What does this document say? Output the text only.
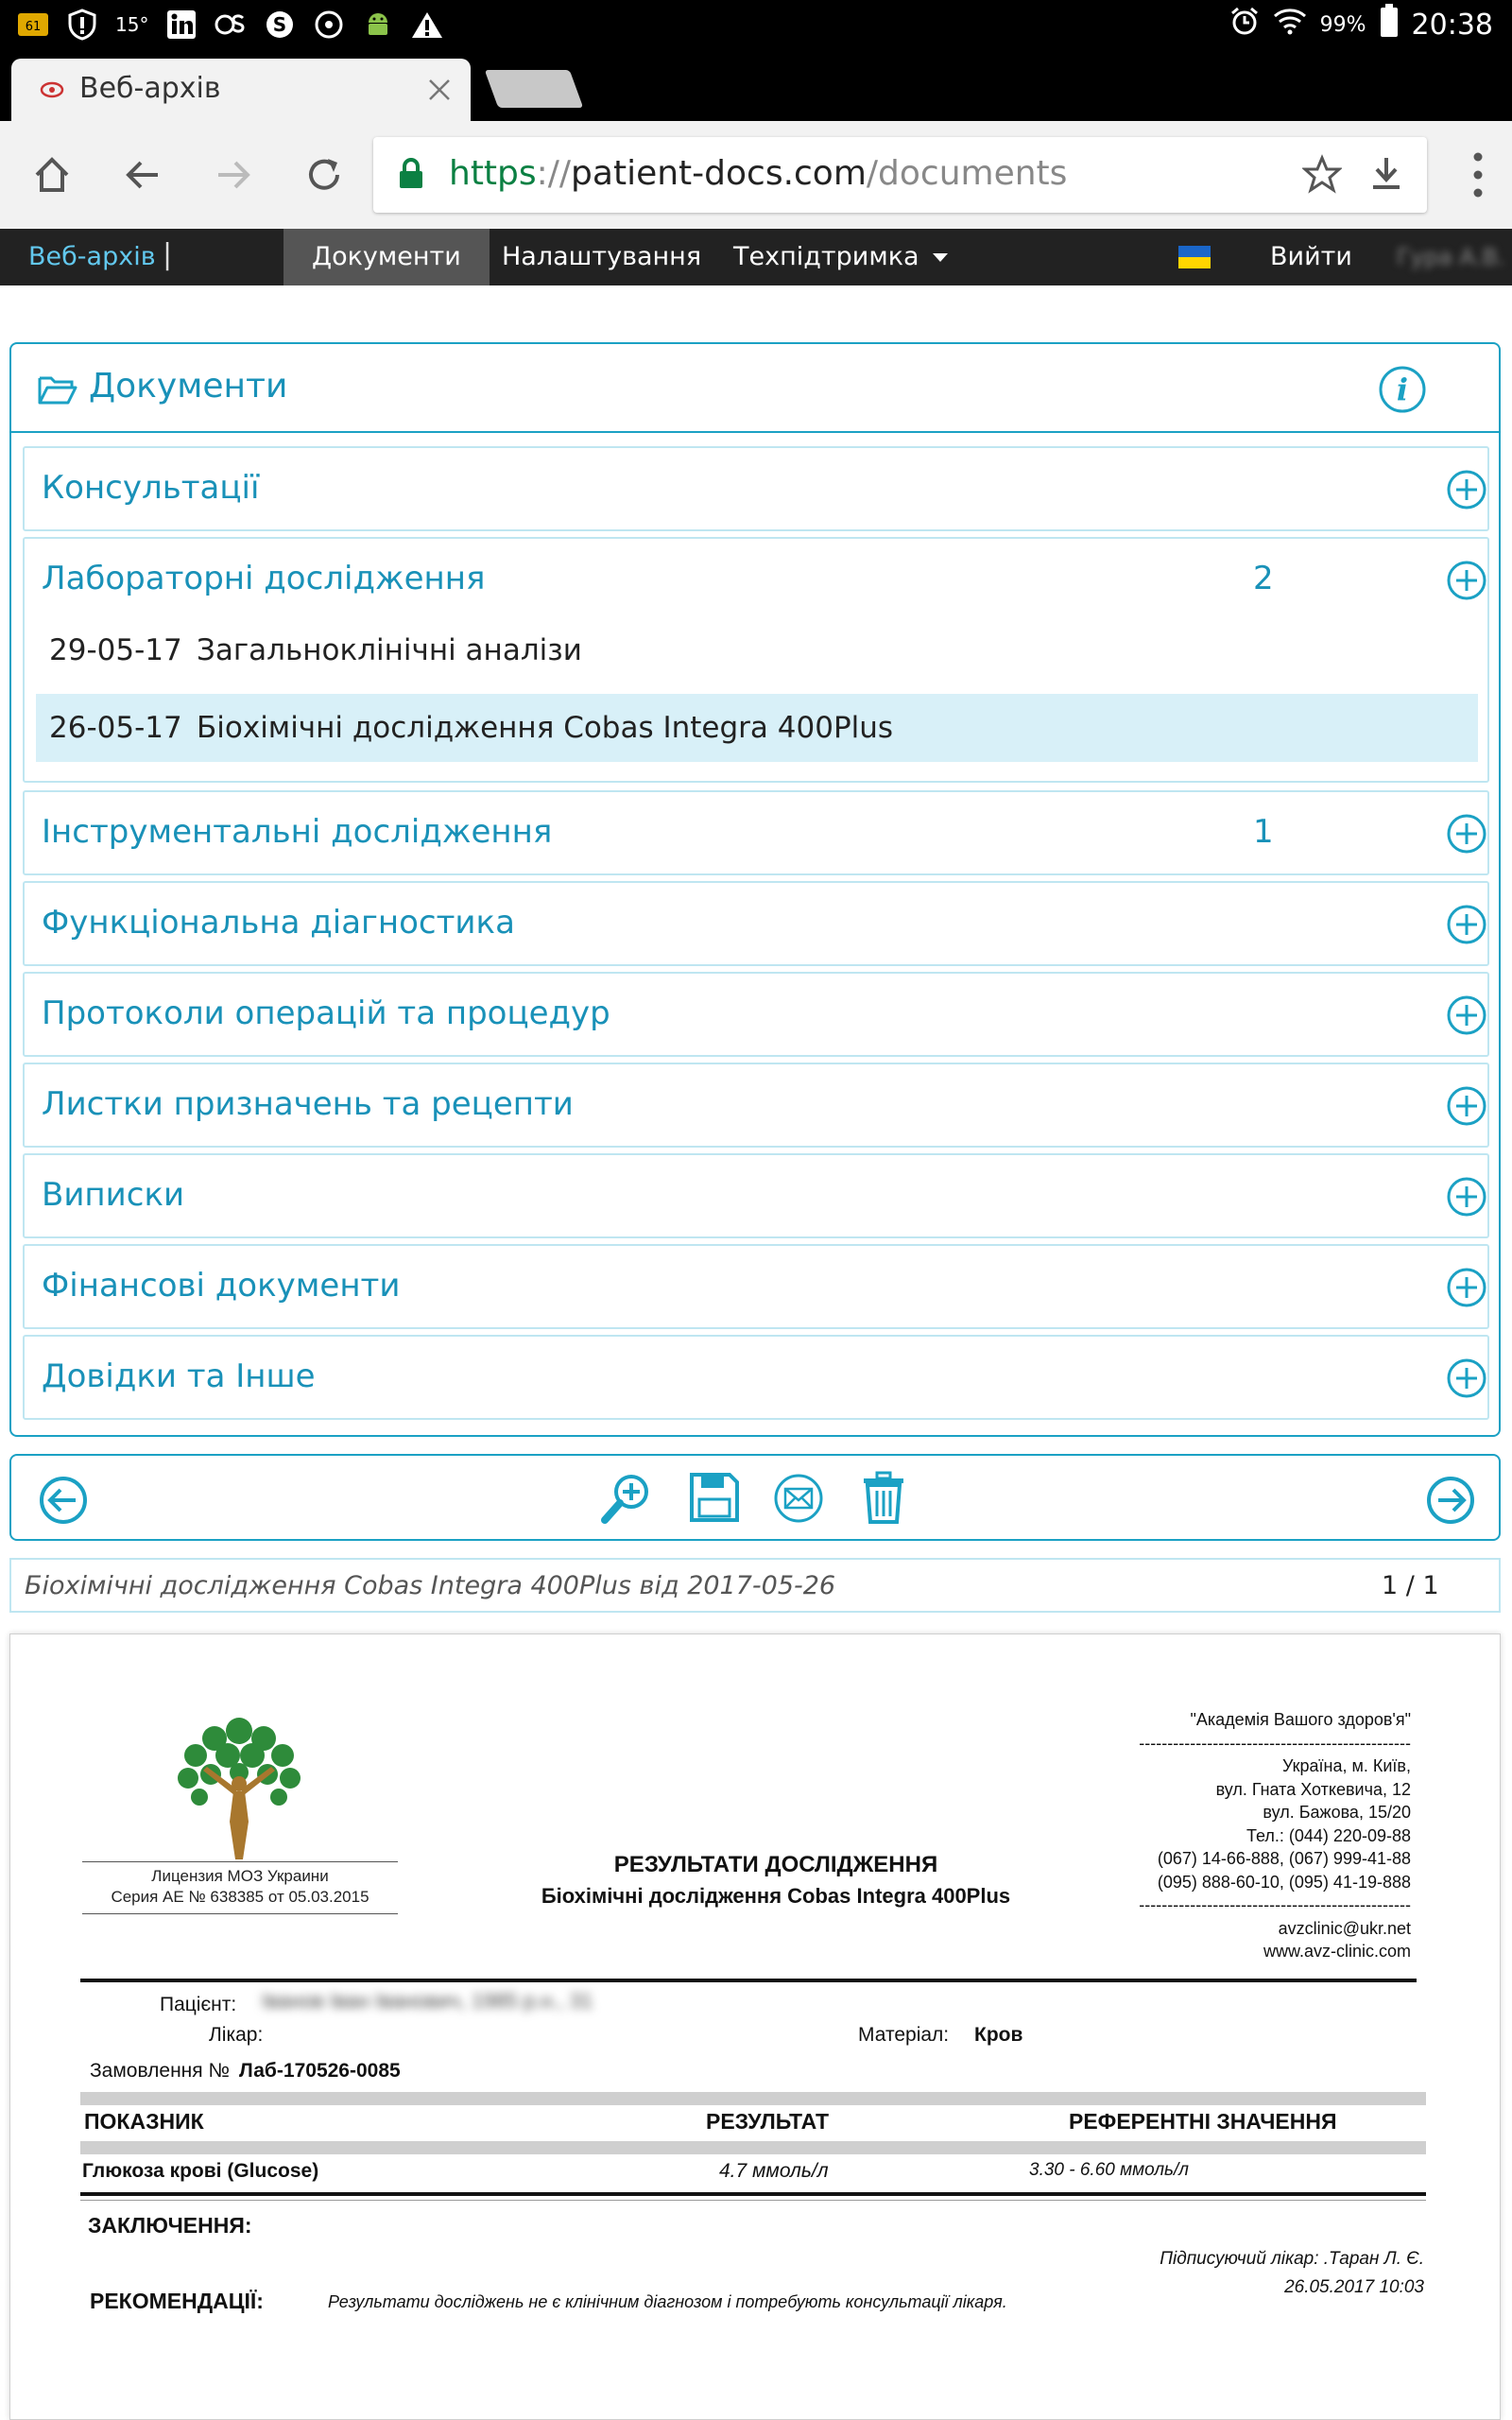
61	15°	S	99% 20:38
Веб-архів
https://patient-docs.com/documents
Веб-архів |	Документи	Налаштування	Техпідтримка	Вийти Гура А.В.
Документи	i
Консультації
Лабораторні дослідження	2
29-05-17 Загальноклінічні аналізи
26-05-17 Біохімічні дослідження Cobas Integra 400Plus
Інструментальні дослідження	1
Функціональна діагностика
Протоколи операцій та процедур
Листки призначень та рецепти
Виписки
Фінансові документи
Довідки та Інше
Біохімічні дослідження Cobas Integra 400Plus від 2017-05-26	1 / 1
Лицензия МОЗ Украини
Серия АЕ № 638385 от 05.03.2015
РЕЗУЛЬТАТИ ДОСЛІДЖЕННЯ
Біохімічні дослідження Cobas Integra 400Plus
"Академія Вашого здоров'я"
------------------------------------------------
Україна, м. Київ,
вул. Гната Хоткевича, 12
вул. Бажова, 15/20
Тел.: (044) 220-09-88
(067) 14-66-888, (067) 999-41-88
(095) 888-60-10, (095) 41-19-888
------------------------------------------------
avzclinic@ukr.net
www.avz-clinic.com
Пацієнт: Іванов Іван Іванович, 1985 р.н., 31
Лікар:	Матеріал: Кров
Замовлення № Лаб-170526-0085
ПОКАЗНИК	РЕЗУЛЬТАТ	РЕФЕРЕНТНІ ЗНАЧЕННЯ
Глюкоза крові (Glucose)	4.7 ммоль/л	3.30 - 6.60 ммоль/л
ЗАКЛЮЧЕННЯ:
Підписуючий лікар: .Таран Л. Є.
26.05.2017 10:03
РЕКОМЕНДАЦІЇ:	Результати досліджень не є клінічним діагнозом і потребують консультації лікаря.
